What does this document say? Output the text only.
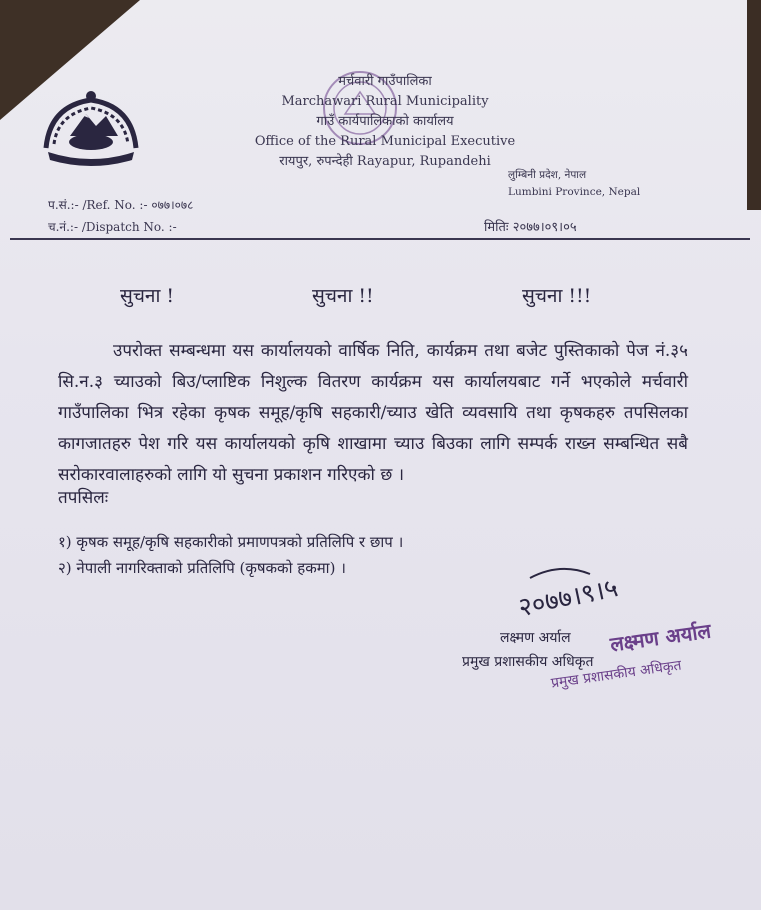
मर्चवारी गाउँपालिका
Marchawari Rural Municipality
गाउँ कार्यपालिकाको कार्यालय
Office of the Rural Municipal Executive
रायपुर, रुपन्देही Rayapur, Rupandehi
लुम्बिनी प्रदेश, नेपाल
Lumbini Province, Nepal
प.सं.:- /Ref. No. :- ०७७।०७८
च.नं.:- /Dispatch No. :-	मितिः २०७७।०९।०५
सुचना !	सुचना !!	सुचना !!!
उपरोक्त सम्बन्धमा यस कार्यालयको वार्षिक निति, कार्यक्रम तथा बजेट पुस्तिकाको पेज नं.३५ सि.न.३ च्याउको बिउ/प्लाष्टिक निशुल्क वितरण कार्यक्रम यस कार्यालयबाट गर्ने भएकोले मर्चवारी गाउँपालिका भित्र रहेका कृषक समूह/कृषि सहकारी/च्याउ खेति व्यवसायि तथा कृषकहरु तपसिलका कागजातहरु पेश गरि यस कार्यालयको कृषि शाखामा च्याउ बिउका लागि सम्पर्क राख्न सम्बन्धित सबै सरोकारवालाहरुको लागि यो सुचना प्रकाशन गरिएको छ ।
तपसिलः
१) कृषक समूह/कृषि सहकारीको प्रमाणपत्रको प्रतिलिपि र छाप ।
२) नेपाली नागरिक्ताको प्रतिलिपि (कृषकको हकमा) ।
२०७७।९।५
लक्ष्मण अर्याल
प्रमुख प्रशासकीय अधिकृत
लक्ष्मण अर्याल
प्रमुख प्रशासकीय अधिकृत
